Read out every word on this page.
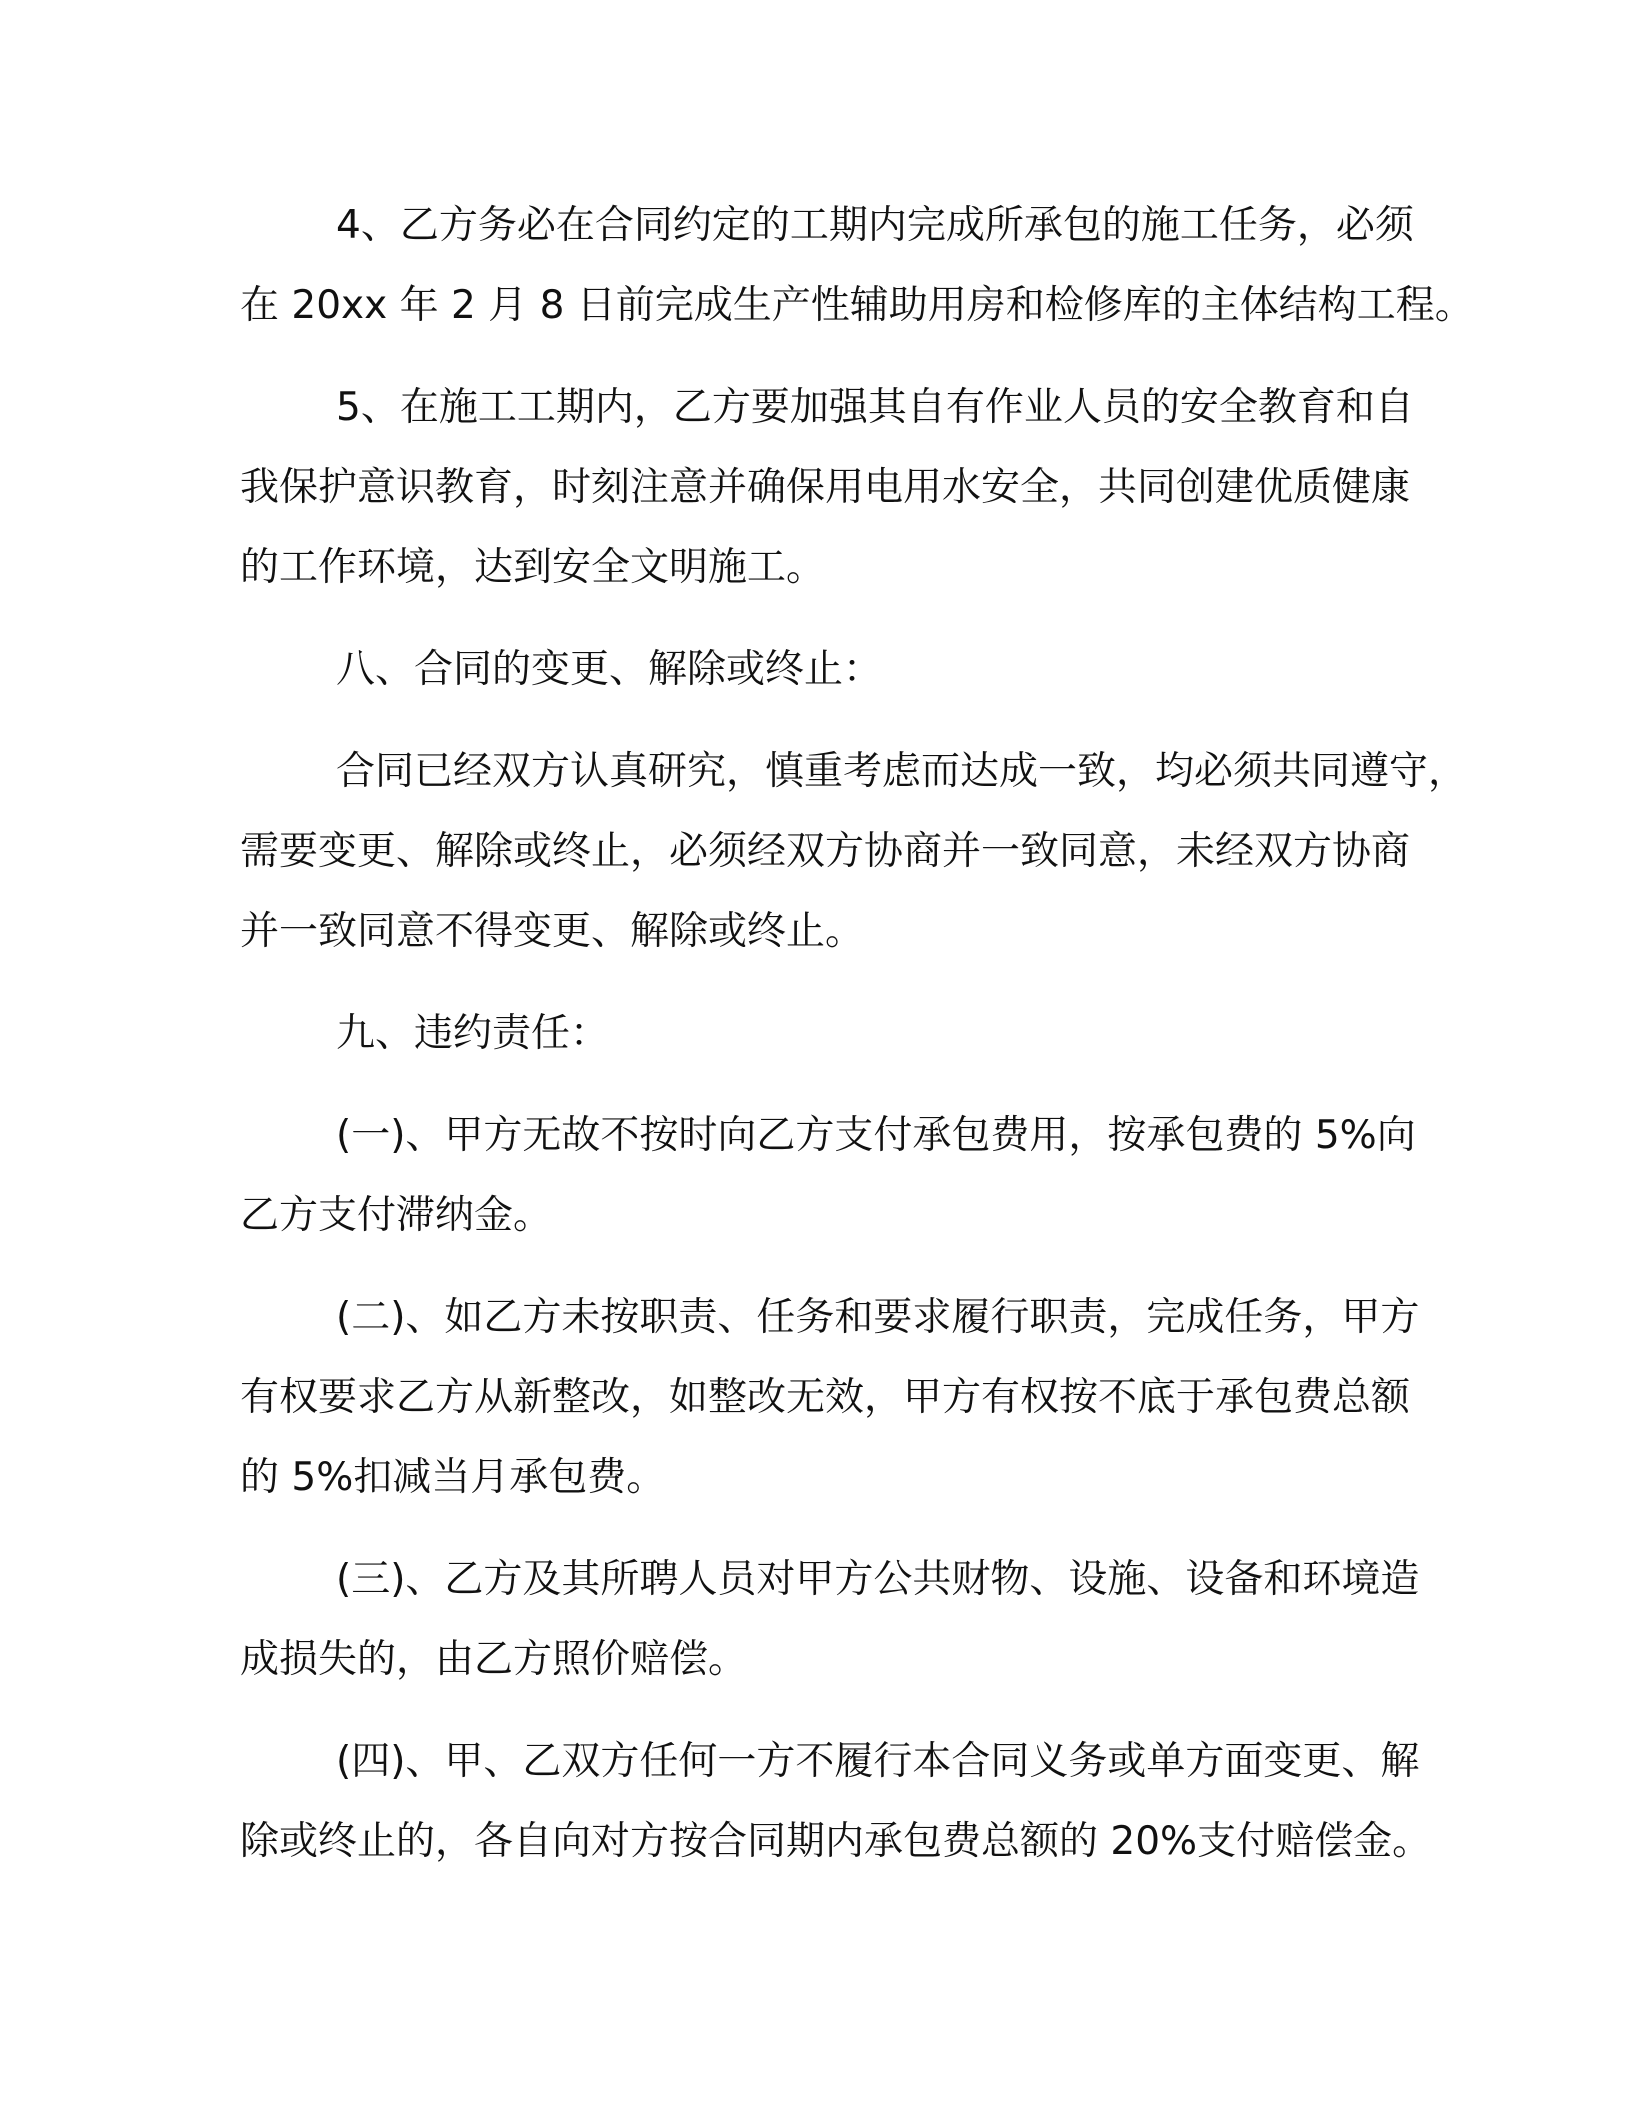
4、乙方务必在合同约定的工期内完成所承包的施工任务，必须
在 20xx 年 2 月 8 日前完成生产性辅助用房和检修库的主体结构工程。
5、在施工工期内，乙方要加强其自有作业人员的安全教育和自
我保护意识教育，时刻注意并确保用电用水安全，共同创建优质健康
的工作环境，达到安全文明施工。
八、合同的变更、解除或终止：
合同已经双方认真研究，慎重考虑而达成一致，均必须共同遵守，
需要变更、解除或终止，必须经双方协商并一致同意，未经双方协商
并一致同意不得变更、解除或终止。
九、违约责任：
(一)、甲方无故不按时向乙方支付承包费用，按承包费的 5%向
乙方支付滞纳金。
(二)、如乙方未按职责、任务和要求履行职责，完成任务，甲方
有权要求乙方从新整改，如整改无效，甲方有权按不底于承包费总额
的 5%扣减当月承包费。
(三)、乙方及其所聘人员对甲方公共财物、设施、设备和环境造
成损失的，由乙方照价赔偿。
(四)、甲、乙双方任何一方不履行本合同义务或单方面变更、解
除或终止的，各自向对方按合同期内承包费总额的 20%支付赔偿金。
